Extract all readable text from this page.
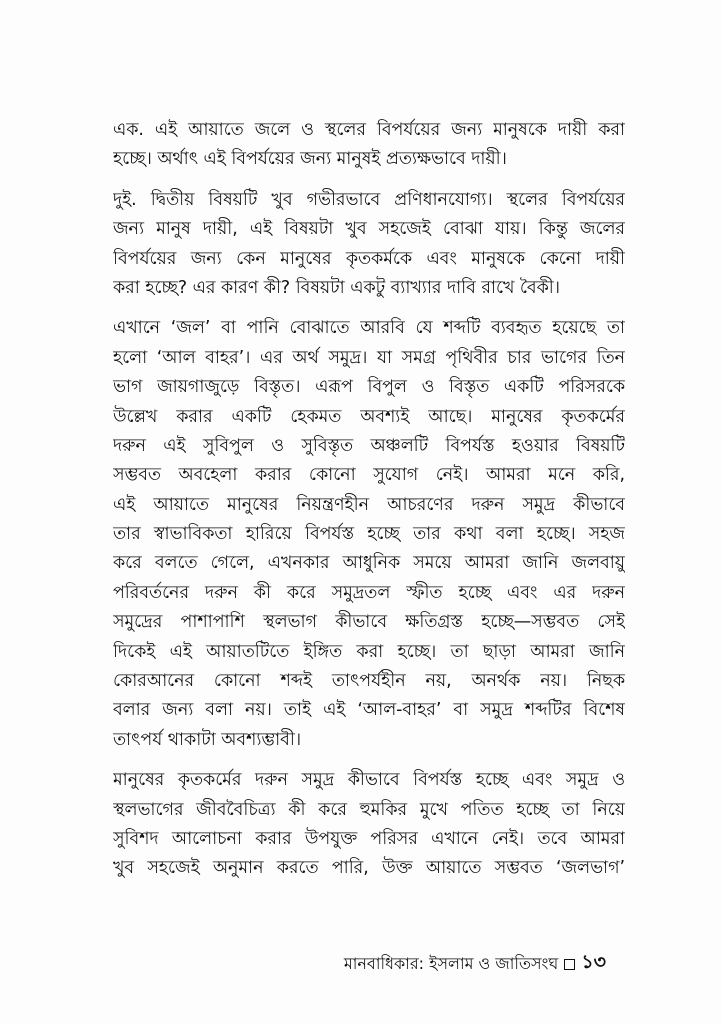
এক. এই আয়াতে জলে ও স্থলের বিপর্যয়ের জন্য মানুষকে দায়ী করা
হচ্ছে। অর্থাৎ এই বিপর্যয়ের জন্য মানুষই প্রত্যক্ষভাবে দায়ী।
দুই. দ্বিতীয় বিষয়টি খুব গভীরভাবে প্রণিধানযোগ্য। স্থলের বিপর্যয়ের
জন্য মানুষ দায়ী, এই বিষয়টা খুব সহজেই বোঝা যায়। কিন্তু জলের
বিপর্যয়ের জন্য কেন মানুষের কৃতকর্মকে এবং মানুষকে কেনো দায়ী
করা হচ্ছে? এর কারণ কী? বিষয়টা একটু ব্যাখ্যার দাবি রাখে বৈকী।
এখানে ‘জল’ বা পানি বোঝাতে আরবি যে শব্দটি ব্যবহৃত হয়েছে তা
হলো ‘আল বাহর’। এর অর্থ সমুদ্র। যা সমগ্র পৃথিবীর চার ভাগের তিন
ভাগ জায়গাজুড়ে বিস্তৃত। এরূপ বিপুল ও বিস্তৃত একটি পরিসরকে
উল্লেখ করার একটি হেকমত অবশ্যই আছে। মানুষের কৃতকর্মের
দরুন এই সুবিপুল ও সুবিস্তৃত অঞ্চলটি বিপর্যস্ত হওয়ার বিষয়টি
সম্ভবত অবহেলা করার কোনো সুযোগ নেই। আমরা মনে করি,
এই আয়াতে মানুষের নিয়ন্ত্রণহীন আচরণের দরুন সমুদ্র কীভাবে
তার স্বাভাবিকতা হারিয়ে বিপর্যস্ত হচ্ছে তার কথা বলা হচ্ছে। সহজ
করে বলতে গেলে, এখনকার আধুনিক সময়ে আমরা জানি জলবায়ু
পরিবর্তনের দরুন কী করে সমুদ্রতল স্ফীত হচ্ছে এবং এর দরুন
সমুদ্রের পাশাপাশি স্থলভাগ কীভাবে ক্ষতিগ্রস্ত হচ্ছে—সম্ভবত সেই
দিকেই এই আয়াতটিতে ইঙ্গিত করা হচ্ছে। তা ছাড়া আমরা জানি
কোরআনের কোনো শব্দই তাৎপর্যহীন নয়, অনর্থক নয়। নিছক
বলার জন্য বলা নয়। তাই এই ‘আল-বাহর’ বা সমুদ্র শব্দটির বিশেষ
তাৎপর্য থাকাটা অবশ্যম্ভাবী।
মানুষের কৃতকর্মের দরুন সমুদ্র কীভাবে বিপর্যস্ত হচ্ছে এবং সমুদ্র ও
স্থলভাগের জীববৈচিত্র্য কী করে হুমকির মুখে পতিত হচ্ছে তা নিয়ে
সুবিশদ আলোচনা করার উপযুক্ত পরিসর এখানে নেই। তবে আমরা
খুব সহজেই অনুমান করতে পারি, উক্ত আয়াতে সম্ভবত ‘জলভাগ’
মানবাধিকার: ইসলাম ও জাতিসংঘ ১৩
